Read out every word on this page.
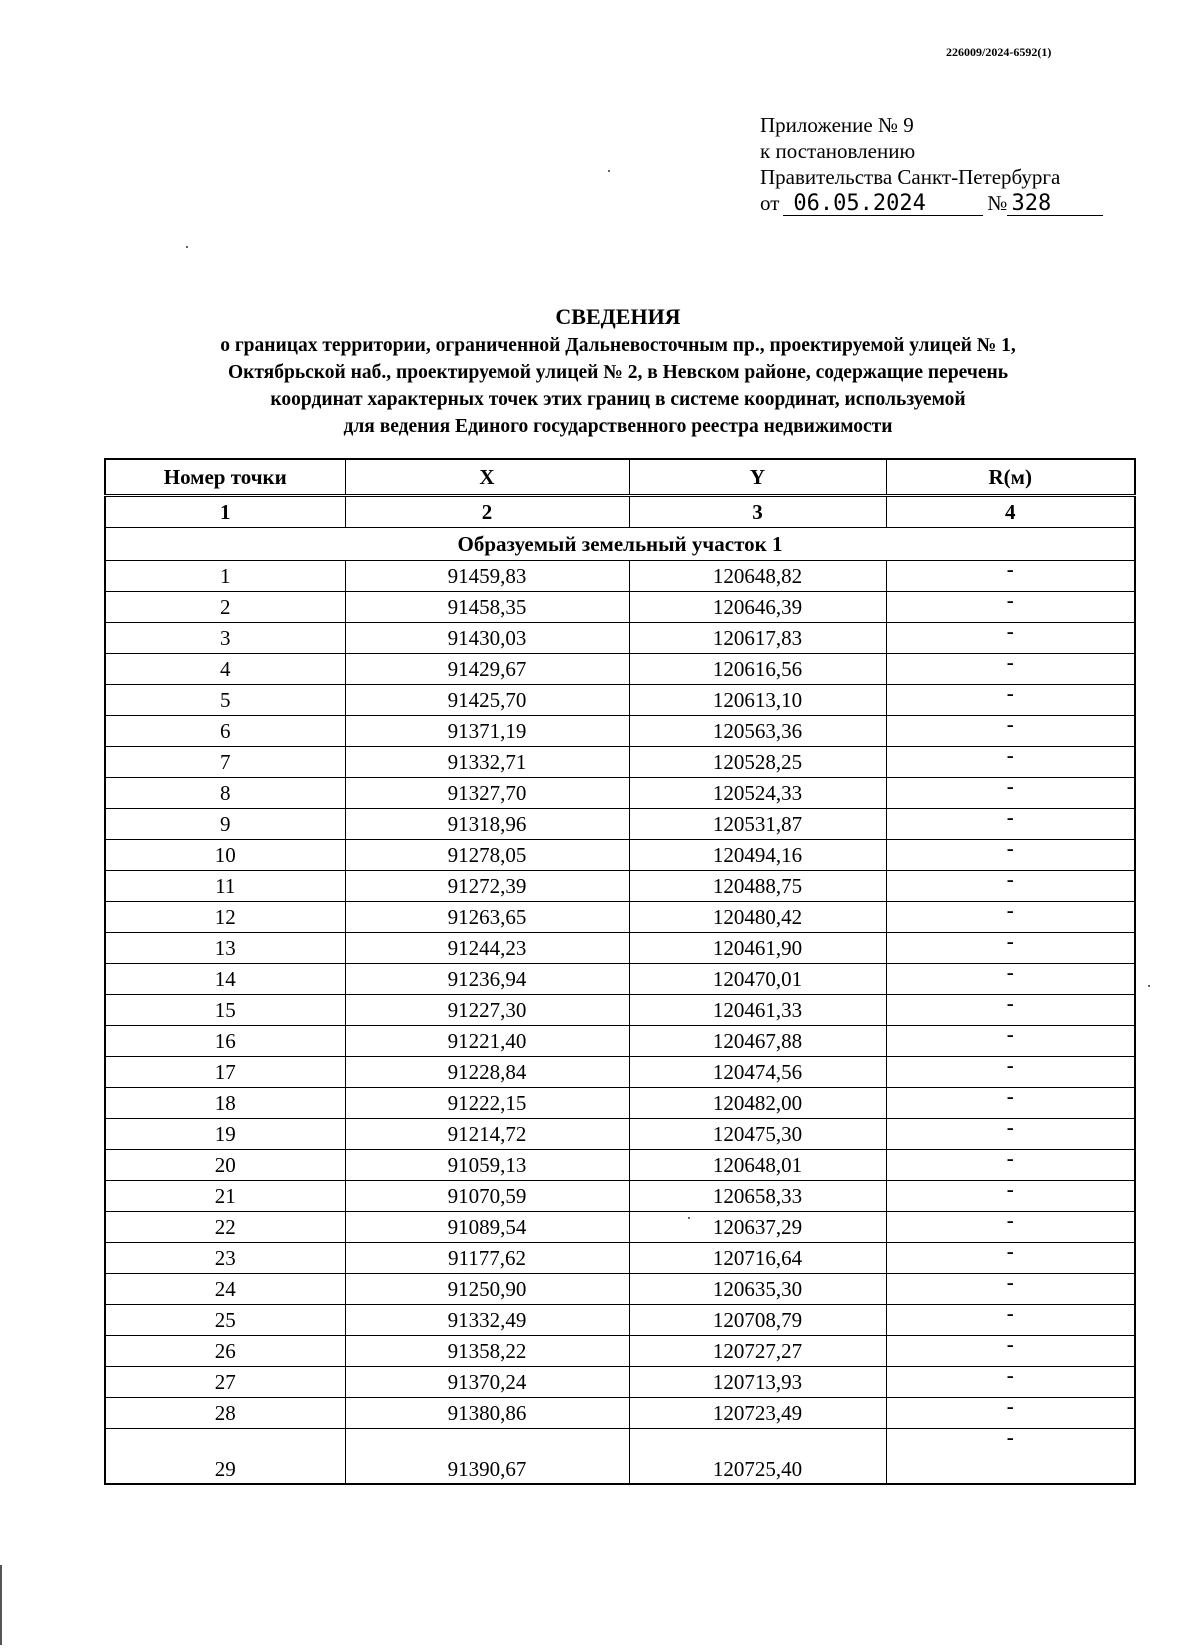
226009/2024-6592(1)
Приложение № 9
к постановлению
Правительства Санкт-Петербурга
от 06.05.2024	№ 328
СВЕДЕНИЯ
о границах территории, ограниченной Дальневосточным пр., проектируемой улицей № 1,
Октябрьской наб., проектируемой улицей № 2, в Невском районе, содержащие перечень
координат характерных точек этих границ в системе координат, используемой
для ведения Единого государственного реестра недвижимости
Номер точки	X	Y	R(м)
1	2	3	4
Образуемый земельный участок 1			
1	91459,83	120648,82	-
2	91458,35	120646,39	-
3	91430,03	120617,83	-
4	91429,67	120616,56	-
5	91425,70	120613,10	-
6	91371,19	120563,36	-
7	91332,71	120528,25	-
8	91327,70	120524,33	-
9	91318,96	120531,87	-
10	91278,05	120494,16	-
11	91272,39	120488,75	-
12	91263,65	120480,42	-
13	91244,23	120461,90	-
14	91236,94	120470,01	-
15	91227,30	120461,33	-
16	91221,40	120467,88	-
17	91228,84	120474,56	-
18	91222,15	120482,00	-
19	91214,72	120475,30	-
20	91059,13	120648,01	-
21	91070,59	120658,33	-
22	91089,54	120637,29	-
23	91177,62	120716,64	-
24	91250,90	120635,30	-
25	91332,49	120708,79	-
26	91358,22	120727,27	-
27	91370,24	120713,93	-
28	91380,86	120723,49	-
29	91390,67	120725,40	-
